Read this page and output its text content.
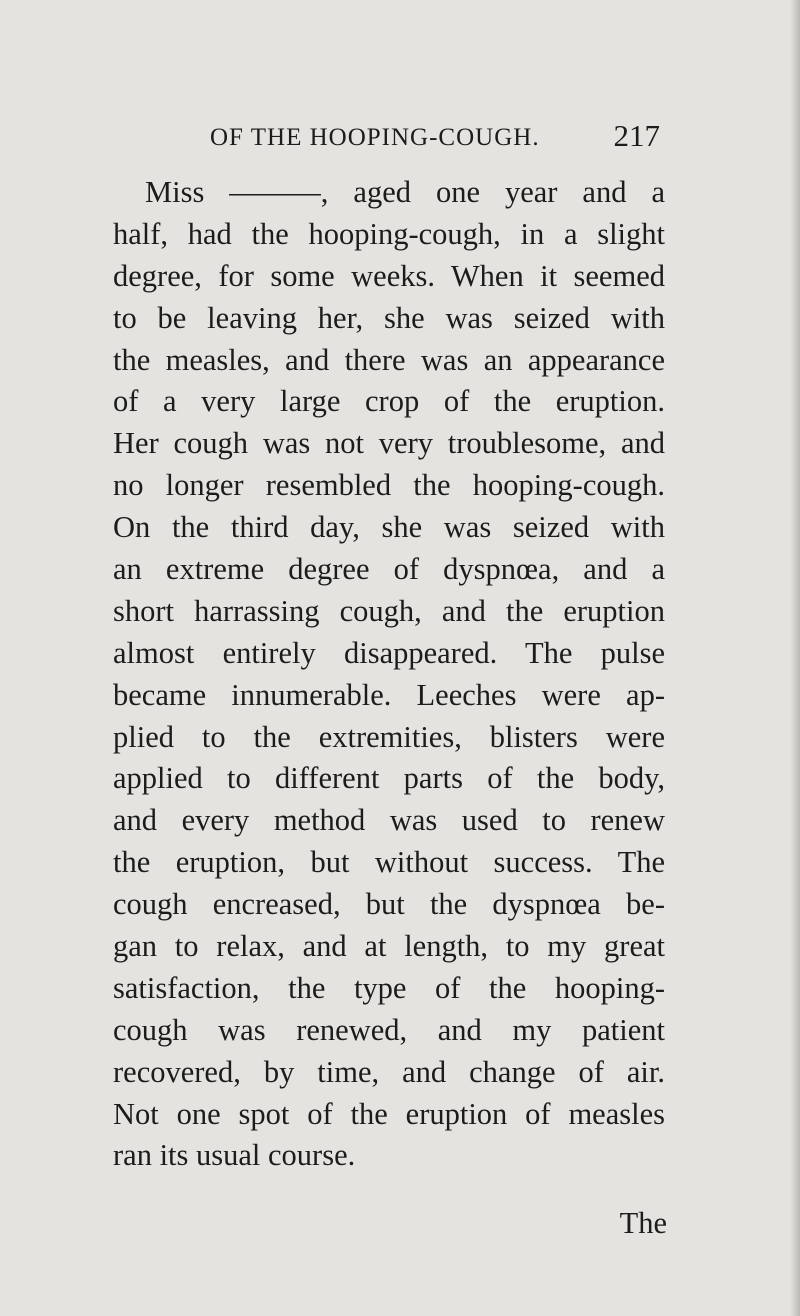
OF THE HOOPING-COUGH. 217
Miss ———, aged one year and a
half, had the hooping-cough, in a slight
degree, for some weeks. When it seemed
to be leaving her, she was seized with
the measles, and there was an appearance
of a very large crop of the eruption.
Her cough was not very troublesome, and
no longer resembled the hooping-cough.
On the third day, she was seized with
an extreme degree of dyspnœa, and a
short harrassing cough, and the eruption
almost entirely disappeared. The pulse
became innumerable. Leeches were ap-
plied to the extremities, blisters were
applied to different parts of the body,
and every method was used to renew
the eruption, but without success. The
cough encreased, but the dyspnœa be-
gan to relax, and at length, to my great
satisfaction, the type of the hooping-
cough was renewed, and my patient
recovered, by time, and change of air.
Not one spot of the eruption of measles
ran its usual course.
The
